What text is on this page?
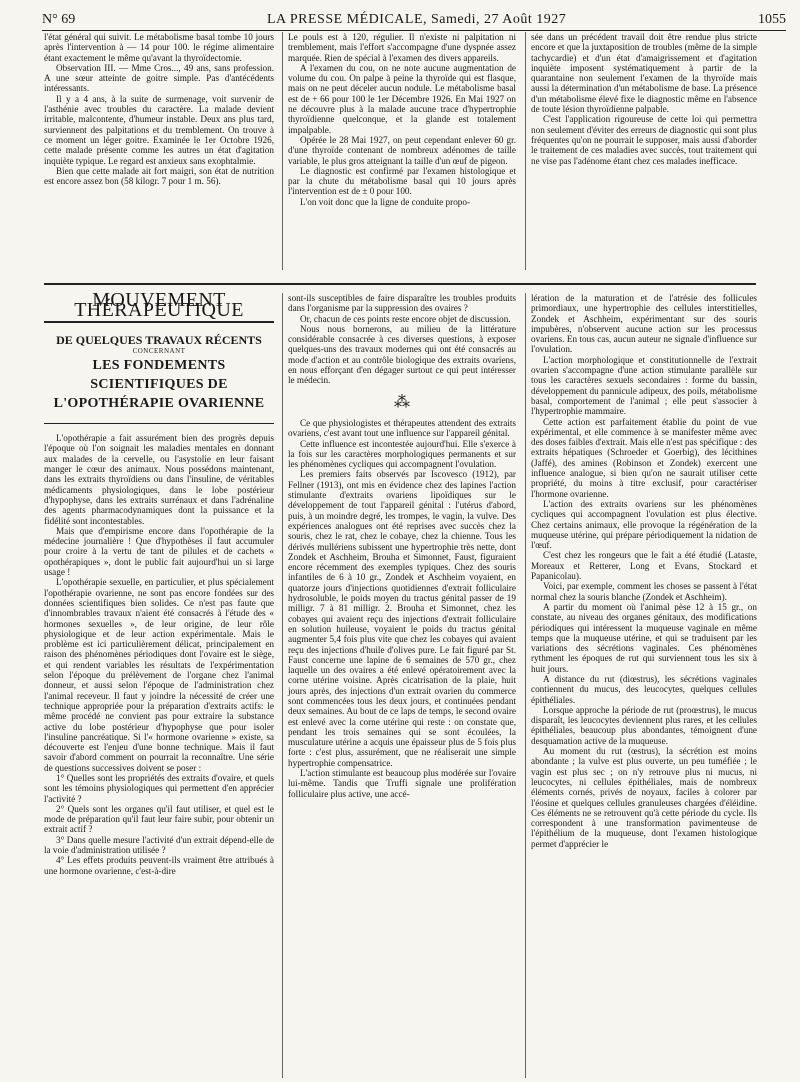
N° 69	LA PRESSE MÉDICALE, Samedi, 27 Août 1927	1055

l'état général qui suivit. Le métabolisme basal tombe 10 jours après l'intervention à — 14 pour 100. le régime alimentaire étant exactement le même qu'avant la thyroïdectomie.

Observation III. — Mme Cros..., 49 ans, sans profession. A une sœur atteinte de goitre simple. Pas d'antécédents intéressants.

Il y a 4 ans, à la suite de surmenage, voit survenir de l'asthénie avec troubles du caractère. La malade devient irritable, malcontente, d'humeur instable. Deux ans plus tard, surviennent des palpitations et du tremblement. On trouve à ce moment un léger goitre. Examinée le 1er Octobre 1926, cette malade présente comme les autres un état d'agitation inquiète typique. Le regard est anxieux sans exophtalmie.

Bien que cette malade ait fort maigri, son état de nutrition est encore assez bon (58 kilogr. 7 pour 1 m. 56).

Le pouls est à 120, régulier. Il n'existe ni palpitation ni tremblement, mais l'effort s'accompagne d'une dyspnée assez marquée. Rien de spécial à l'examen des divers appareils.

A l'examen du cou, on ne note aucune augmentation de volume du cou. On palpe à peine la thyroïde qui est flasque, mais on ne peut déceler aucun nodule. Le métabolisme basal est de + 66 pour 100 le 1er Décembre 1926. En Mai 1927 on ne découvre plus à la malade aucune trace d'hypertrophie thyroïdienne quelconque, et la glande est totalement impalpable.

Opérée le 28 Mai 1927, on peut cependant enlever 60 gr. d'une thyroïde contenant de nombreux adénomes de taille variable, le plus gros atteignant la taille d'un œuf de pigeon.

Le diagnostic est confirmé par l'examen histologique et par la chute du métabolisme basal qui 10 jours après l'intervention est de ± 0 pour 100.

L'on voit donc que la ligne de conduite propo-

sée dans un précédent travail doit être rendue plus stricte encore et que la juxtaposition de troubles (même de la simple tachycardie) et d'un état d'amaigrissement et d'agitation inquiète imposent systématiquement à partir de la quarantaine non seulement l'examen de la thyroïde mais aussi la détermination d'un métabolisme de base. La présence d'un métabolisme élevé fixe le diagnostic même en l'absence de toute lésion thyroïdienne palpable.

C'est l'application rigoureuse de cette loi qui permettra non seulement d'éviter des erreurs de diagnostic qui sont plus fréquentes qu'on ne pourrait le supposer, mais aussi d'aborder le traitement de ces maladies avec succès, tout traitement qui ne vise pas l'adénome étant chez ces malades inefficace.

MOUVEMENT THÉRAPEUTIQUE
DE QUELQUES TRAVAUX RÉCENTS
CONCERNANT
LES FONDEMENTS SCIENTIFIQUES DE L'OPOTHÉRAPIE OVARIENNE

L'opothérapie a fait assurément bien des progrès depuis l'époque où l'on soignait les maladies mentales en donnant aux malades de la cervelle, ou l'asystolie en leur faisant manger le cœur des animaux. Nous possédons maintenant, dans les extraits thyroïdiens ou dans l'insuline, de véritables médicaments physiologiques, dans le lobe postérieur d'hypophyse, dans les extraits surrénaux et dans l'adrénaline des agents pharmacodynamiques dont la puissance et la fidélité sont incontestables.

Mais que d'empirisme encore dans l'opothérapie de la médecine journalière ! Que d'hypothèses il faut accumuler pour croire à la vertu de tant de pilules et de cachets « opothérapiques », dont le public fait aujourd'hui un si large usage !

L'opothérapie sexuelle, en particulier, et plus spécialement l'opothérapie ovarienne, ne sont pas encore fondées sur des données scientifiques bien solides. Ce n'est pas faute que d'innombrables travaux n'aient été consacrés à l'étude des « hormones sexuelles », de leur origine, de leur rôle physiologique et de leur action expérimentale. Mais le problème est ici particulièrement délicat, principalement en raison des phénomènes périodiques dont l'ovaire est le siège, et qui rendent variables les résultats de l'expérimentation selon l'époque du prélèvement de l'organe chez l'animal donneur, et aussi selon l'époque de l'administration chez l'animal receveur. Il faut y joindre la nécessité de créer une technique appropriée pour la préparation d'extraits actifs: le même procédé ne convient pas pour extraire la substance active du lobe postérieur d'hypophyse que pour isoler l'insuline pancréatique. Si l'« hormone ovarienne » existe, sa découverte est l'enjeu d'une bonne technique. Mais il faut savoir d'abord comment on pourrait la reconnaître. Une série de questions successives doivent se poser :

1° Quelles sont les propriétés des extraits d'ovaire, et quels sont les témoins physiologiques qui permettent d'en apprécier l'activité ?

2° Quels sont les organes qu'il faut utiliser, et quel est le mode de préparation qu'il faut leur faire subir, pour obtenir un extrait actif ?

3° Dans quelle mesure l'activité d'un extrait dépend-elle de la voie d'administration utilisée ?

4° Les effets produits peuvent-ils vraiment être attribués à une hormone ovarienne, c'est-à-dire

sont-ils susceptibles de faire disparaître les troubles produits dans l'organisme par la suppression des ovaires ?

Or, chacun de ces points reste encore objet de discussion.

Nous nous bornerons, au milieu de la littérature considérable consacrée à ces diverses questions, à exposer quelques-uns des travaux modernes qui ont été consacrés au mode d'action et au contrôle biologique des extraits ovariens, en nous efforçant d'en dégager surtout ce qui peut intéresser le médecin.

⁂

Ce que physiologistes et thérapeutes attendent des extraits ovariens, c'est avant tout une influence sur l'appareil génital.

Cette influence est incontestée aujourd'hui. Elle s'exerce à la fois sur les caractères morphologiques permanents et sur les phénomènes cycliques qui accompagnent l'ovulation.

Les premiers faits observés par Iscovesco (1912), par Fellner (1913), ont mis en évidence chez des lapines l'action stimulante d'extraits ovariens lipoïdiques sur le développement de tout l'appareil génital : l'utérus d'abord, puis, à un moindre degré, les trompes, le vagin, la vulve. Des expériences analogues ont été reprises avec succès chez la souris, chez le rat, chez le cobaye, chez la chienne. Tous les dérivés mullériens subissent une hypertrophie très nette, dont Zondek et Aschheim, Brouha et Simonnet, Faust, figuraient encore récemment des exemples typiques. Chez des souris infantiles de 6 à 10 gr., Zondek et Aschheim voyaient, en quatorze jours d'injections quotidiennes d'extrait folliculaire hydrosoluble, le poids moyen du tractus génital passer de 19 milligr. 7 à 81 milligr. 2. Brouha et Simonnet, chez les cobayes qui avaient reçu des injections d'extrait folliculaire en solution huileuse, voyaient le poids du tractus génital augmenter 5,4 fois plus vite que chez les cobayes qui avaient reçu des injections d'huile d'olives pure. Le fait figuré par St. Faust concerne une lapine de 6 semaines de 570 gr., chez laquelle un des ovaires a été enlevé opératoirement avec la corne utérine voisine. Après cicatrisation de la plaie, huit jours après, des injections d'un extrait ovarien du commerce sont commencées tous les deux jours, et continuées pendant deux semaines. Au bout de ce laps de temps, le second ovaire est enlevé avec la corne utérine qui reste : on constate que, pendant les trois semaines qui se sont écoulées, la musculature utérine a acquis une épaisseur plus de 5 fois plus forte : c'est plus, assurément, que ne réaliserait une simple hypertrophie compensatrice.

L'action stimulante est beaucoup plus modérée sur l'ovaire lui-même. Tandis que Truffi signale une prolifération folliculaire plus active, une accé-

lération de la maturation et de l'atrésie des follicules primordiaux, une hypertrophie des cellules interstitielles, Zondek et Aschheim, expérimentant sur des souris impubères, n'observent aucune action sur les processus ovariens. En tous cas, aucun auteur ne signale d'influence sur l'ovulation.

L'action morphologique et constitutionnelle de l'extrait ovarien s'accompagne d'une action stimulante parallèle sur tous les caractères sexuels secondaires : forme du bassin, développement du pannicule adipeux, des poils, métabolisme basal, comportement de l'animal ; elle peut s'associer à l'hypertrophie mammaire.

Cette action est parfaitement établie du point de vue expérimental, et elle commence à se manifester même avec des doses faibles d'extrait. Mais elle n'est pas spécifique : des extraits hépatiques (Schroeder et Goerbig), des lécithines (Jaffé), des amines (Robinson et Zondek) exercent une influence analogue, si bien qu'on ne saurait utiliser cette propriété, du moins à titre exclusif, pour caractériser l'hormone ovarienne.

L'action des extraits ovariens sur les phénomènes cycliques qui accompagnent l'ovulation est plus élective. Chez certains animaux, elle provoque la régénération de la muqueuse utérine, qui prépare périodiquement la nidation de l'œuf.

C'est chez les rongeurs que le fait a été étudié (Lataste, Moreaux et Retterer, Long et Evans, Stockard et Papanicolau).

Voici, par exemple, comment les choses se passent à l'état normal chez la souris blanche (Zondek et Aschheim).

A partir du moment où l'animal pèse 12 à 15 gr., on constate, au niveau des organes génitaux, des modifications périodiques qui intéressent la muqueuse vaginale en même temps que la muqueuse utérine, et qui se traduisent par les variations des sécrétions vaginales. Ces phénomènes rythment les époques de rut qui surviennent tous les six à huit jours.

A distance du rut (diœstrus), les sécrétions vaginales contiennent du mucus, des leucocytes, quelques cellules épithéliales.

Lorsque approche la période de rut (proœstrus), le mucus disparaît, les leucocytes deviennent plus rares, et les cellules épithéliales, beaucoup plus abondantes, témoignent d'une desquamation active de la muqueuse.

Au moment du rut (œstrus), la sécrétion est moins abondante ; la vulve est plus ouverte, un peu tuméfiée ; le vagin est plus sec ; on n'y retrouve plus ni mucus, ni leucocytes, ni cellules épithéliales, mais de nombreux éléments cornés, privés de noyaux, faciles à colorer par l'éosine et quelques cellules granuleuses chargées d'éléidine. Ces éléments ne se retrouvent qu'à cette période du cycle. Ils correspondent à une transformation pavimenteuse de l'épithélium de la muqueuse, dont l'examen histologique permet d'apprécier le
